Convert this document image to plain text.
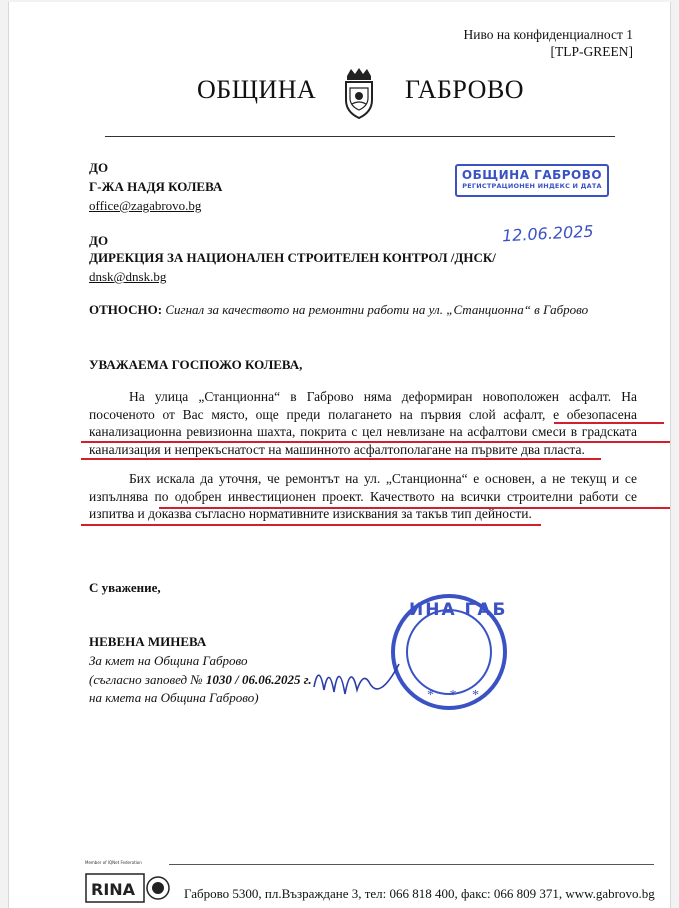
Ниво на конфиденциалност 1
[TLP-GREEN]
ОБЩИНА	ГАБРОВО
ДО
Г-ЖА НАДЯ КОЛЕВА
office@zagabrovo.bg
ОБЩИНА ГАБРОВО
РЕГИСТРАЦИОНЕН ИНДЕКС И ДАТА
12.06.2025
ДО
ДИРЕКЦИЯ ЗА НАЦИОНАЛЕН СТРОИТЕЛЕН КОНТРОЛ /ДНСК/
dnsk@dnsk.bg
ОТНОСНО: Сигнал за качеството на ремонтни работи на ул. „Станционна“ в Габрово
УВАЖАЕМА ГОСПОЖО КОЛЕВА,

На улица „Станционна“ в Габрово няма деформиран новоположен асфалт. На посоченото от Вас място, още преди полагането на първия слой асфалт, е обезопасена канализационна ревизионна шахта, покрита с цел невлизане на асфалтови смеси в градската канализация и непрекъснатост на машинното асфалтополагане на първите два пласта.

Бих искала да уточня, че ремонтът на ул. „Станционна“ е основен, а не текущ и се изпълнява по одобрен инвестиционен проект. Качеството на всички строителни работи се изпитва и доказва съгласно нормативните изисквания за такъв тип дейности.

С уважение,
ИНА ГАБ
* * *
НЕВЕНА МИНЕВА
За кмет на Община Габрово
(съгласно заповед № 1030 / 06.06.2025 г.
на кмета на Община Габрово)
Member of IQNet Federation
RINA	Габрово 5300, пл.Възраждане 3, тел: 066 818 400, факс: 066 809 371, www.gabrovo.bg
